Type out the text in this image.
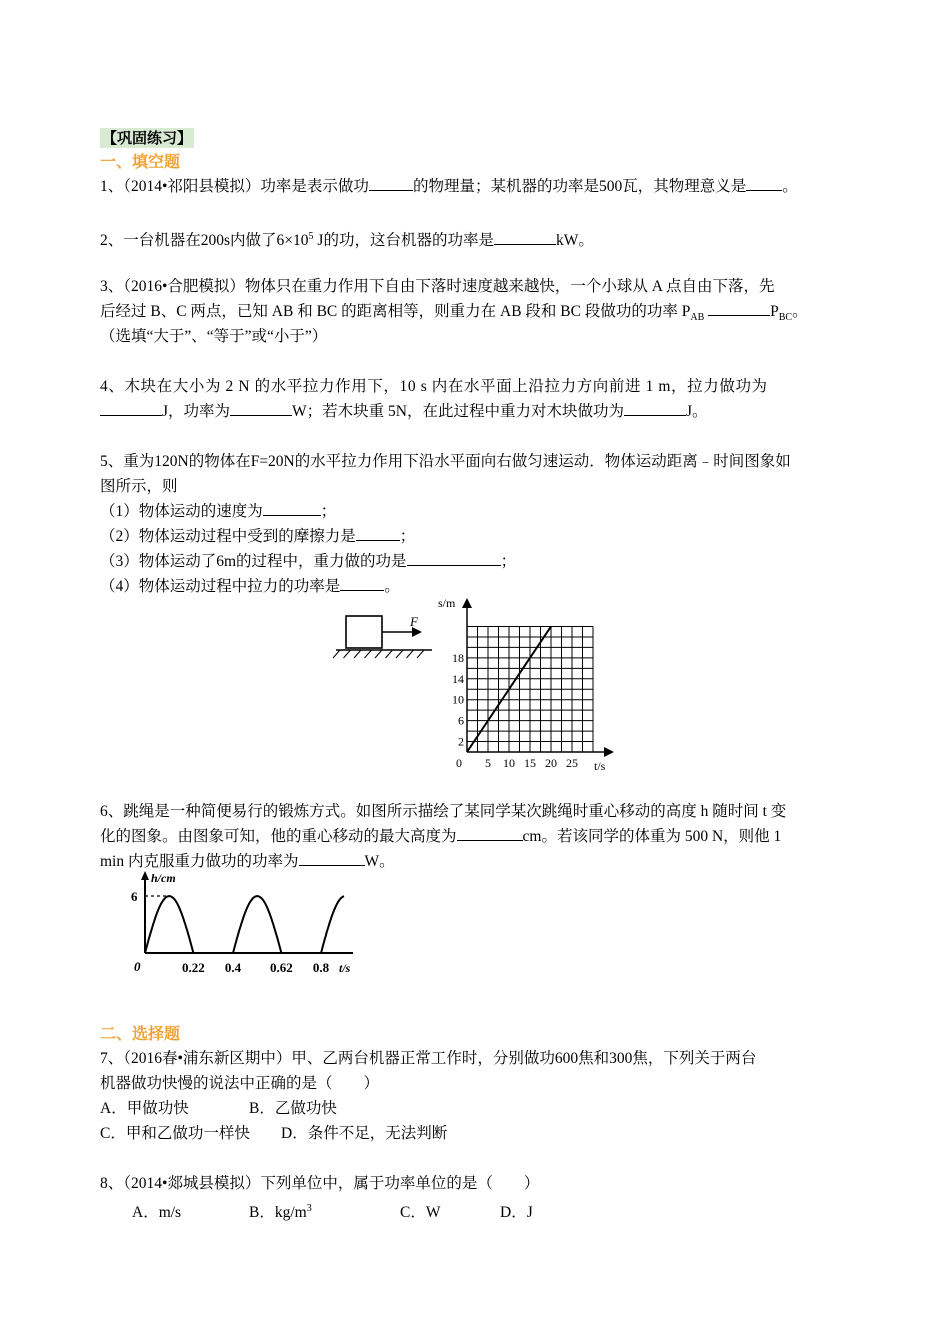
【巩固练习】
一、填空题
1、（2014•祁阳县模拟）功率是表示做功	的物理量；某机器的功率是500瓦，其物理意义是 。
2、一台机器在200s内做了$6\times 10^5$ J的功，这台机器的功率是	kW。
3、（2016•合肥模拟）物体只在重力作用下自由下落时速度越来越快，一个小球从 A 点自由下落，先
后经过 B、C 两点，已知 AB 和 BC 的距离相等，则重力在 AB 段和 BC 段做功的功率 $P_{AB}$	$P_{BC}$。
（选填“大于”、“等于”或“小于”）
4、木块在大小为 2 N 的水平拉力作用下，10 s 内在水平面上沿拉力方向前进 1 m，拉力做功为
J，功率为	W；若木块重 5N，在此过程中重力对木块做功为	J。
5、重为120N的物体在F=20N的水平拉力作用下沿水平面向右做匀速运动．物体运动距离﹣时间图象如
图所示，则
（1）物体运动的速度为	；
（2）物体运动过程中受到的摩擦力是	；
（3）物体运动了6m的过程中，重力做的功是	；
（4）物体运动过程中拉力的功率是	。
F
s/m
t/s
0
2
6
10
14
18
5 10 15 20 25
6、跳绳是一种简便易行的锻炼方式。如图所示描绘了某同学某次跳绳时重心移动的高度 h 随时间 t 变
化的图象。由图象可知，他的重心移动的最大高度为	cm。若该同学的体重为 500 N，则他 1
min 内克服重力做功的功率为	W。
h/cm
t/s
0
6
0.22 0.4 0.62 0.8
二、选择题
7、（2016春•浦东新区期中）甲、乙两台机器正常工作时，分别做功600焦和300焦，下列关于两台
机器做功快慢的说法中正确的是（　　）
A．甲做功快	B．乙做功快
C．甲和乙做功一样快 D．条件不足，无法判断
8、（2014•郯城县模拟）下列单位中，属于功率单位的是（　　）
A．m/s	B．$kg/m^3$	C．W	D．J
